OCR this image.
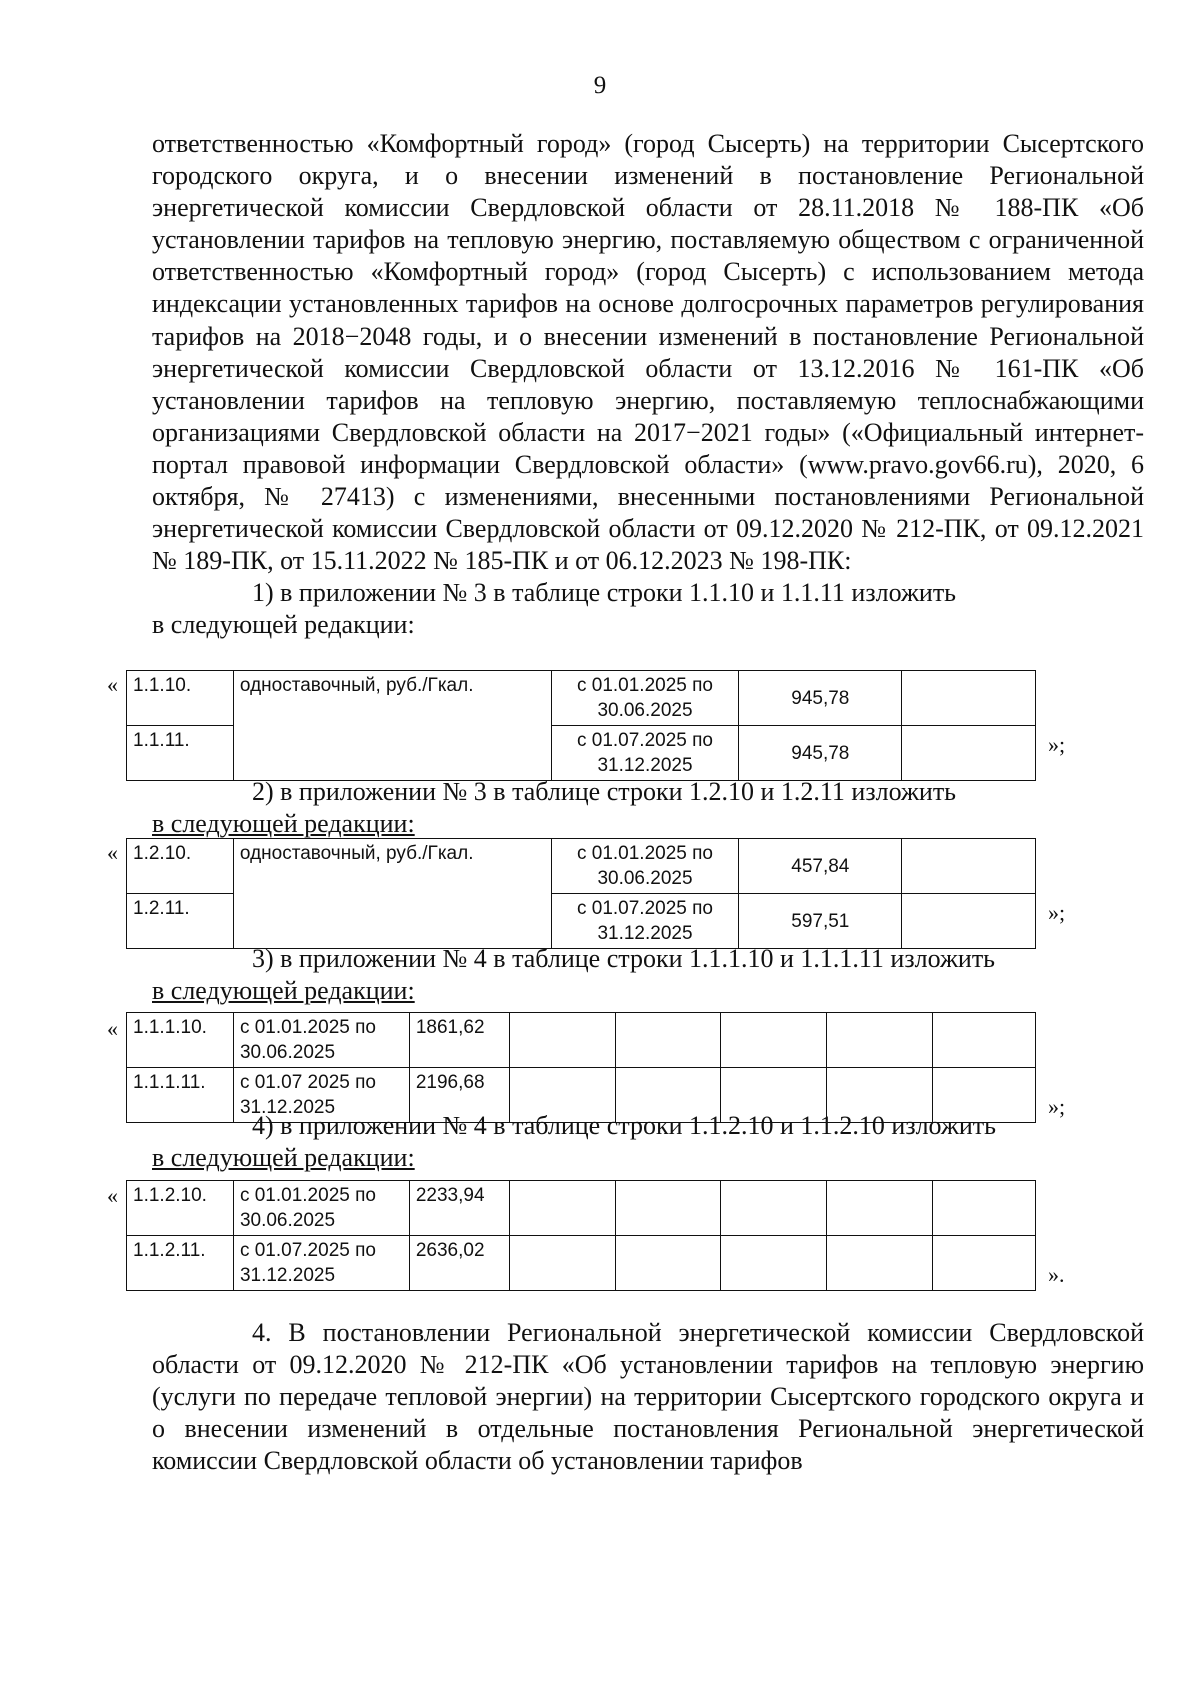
9

ответственностью «Комфортный город» (город Сысерть) на территории Сысертского городского округа, и о внесении изменений в постановление Региональной энергетической комиссии Свердловской области от 28.11.2018 № 188-ПК «Об установлении тарифов на тепловую энергию, поставляемую обществом с ограниченной ответственностью «Комфортный город» (город Сысерть) с использованием метода индексации установленных тарифов на основе долгосрочных параметров регулирования тарифов на 2018−2048 годы, и о внесении изменений в постановление Региональной энергетической комиссии Свердловской области от 13.12.2016 № 161-ПК «Об установлении тарифов на тепловую энергию, поставляемую теплоснабжающими организациями Свердловской области на 2017−2021 годы» («Официальный интернет-портал правовой информации Свердловской области» (www.pravo.gov66.ru), 2020, 6 октября, № 27413) с изменениями, внесенными постановлениями Региональной энергетической комиссии Свердловской области от 09.12.2020 № 212-ПК, от 09.12.2021 № 189-ПК, от 15.11.2022 № 185-ПК и от 06.12.2023 № 198-ПК:

1) в приложении № 3 в таблице строки 1.1.10 и 1.1.11 изложить

в следующей редакции:

« 1.1.10.	одноставочный, руб./Гкал.	с 01.01.2025 по 30.06.2025	945,78	
1.1.11.		с 01.07.2025 по 31.12.2025	945,78		»;

2) в приложении № 3 в таблице строки 1.2.10 и 1.2.11 изложить

в следующей редакции:

« 1.2.10.	одноставочный, руб./Гкал.	с 01.01.2025 по 30.06.2025	457,84	
1.2.11.		с 01.07.2025 по 31.12.2025	597,51		»;

3) в приложении № 4 в таблице строки 1.1.1.10 и 1.1.1.11 изложить

в следующей редакции:

« 1.1.1.10.	с 01.01.2025 по 30.06.2025	1861,62					
1.1.1.11.	с 01.07 2025 по 31.12.2025	2196,68					
»;

4) в приложении № 4 в таблице строки 1.1.2.10 и 1.1.2.10 изложить

в следующей редакции:

« 1.1.2.10.	с 01.01.2025 по 30.06.2025	2233,94					
1.1.2.11.	с 01.07.2025 по 31.12.2025	2636,02					
».

4. В постановлении Региональной энергетической комиссии Свердловской области от 09.12.2020 № 212-ПК «Об установлении тарифов на тепловую энергию (услуги по передаче тепловой энергии) на территории Сысертского городского округа и о внесении изменений в отдельные постановления Региональной энергетической комиссии Свердловской области об установлении тарифов
